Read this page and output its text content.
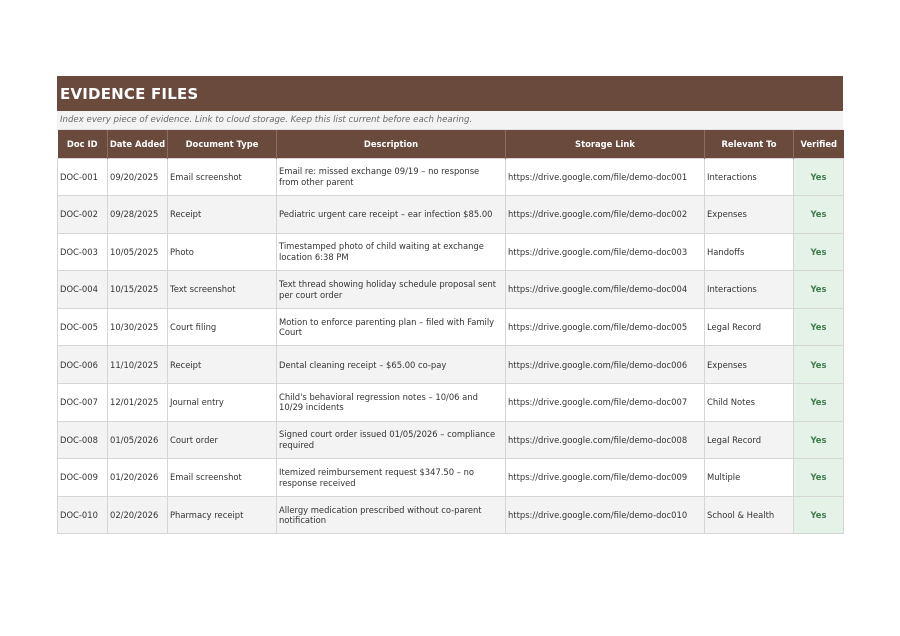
EVIDENCE FILES
Index every piece of evidence. Link to cloud storage. Keep this list current before each hearing.
Doc ID	Date Added	Document Type	Description	Storage Link	Relevant To	Verified
DOC-001	09/20/2025	Email screenshot	Email re: missed exchange 09/19 – no response from other parent	https://drive.google.com/file/demo-doc001	Interactions	Yes
DOC-002	09/28/2025	Receipt	Pediatric urgent care receipt – ear infection $85.00	https://drive.google.com/file/demo-doc002	Expenses	Yes
DOC-003	10/05/2025	Photo	Timestamped photo of child waiting at exchange location 6:38 PM	https://drive.google.com/file/demo-doc003	Handoffs	Yes
DOC-004	10/15/2025	Text screenshot	Text thread showing holiday schedule proposal sent per court order	https://drive.google.com/file/demo-doc004	Interactions	Yes
DOC-005	10/30/2025	Court filing	Motion to enforce parenting plan – filed with Family Court	https://drive.google.com/file/demo-doc005	Legal Record	Yes
DOC-006	11/10/2025	Receipt	Dental cleaning receipt – $65.00 co-pay	https://drive.google.com/file/demo-doc006	Expenses	Yes
DOC-007	12/01/2025	Journal entry	Child's behavioral regression notes – 10/06 and 10/29 incidents	https://drive.google.com/file/demo-doc007	Child Notes	Yes
DOC-008	01/05/2026	Court order	Signed court order issued 01/05/2026 – compliance required	https://drive.google.com/file/demo-doc008	Legal Record	Yes
DOC-009	01/20/2026	Email screenshot	Itemized reimbursement request $347.50 – no response received	https://drive.google.com/file/demo-doc009	Multiple	Yes
DOC-010	02/20/2026	Pharmacy receipt	Allergy medication prescribed without co-parent notification	https://drive.google.com/file/demo-doc010	School & Health	Yes
